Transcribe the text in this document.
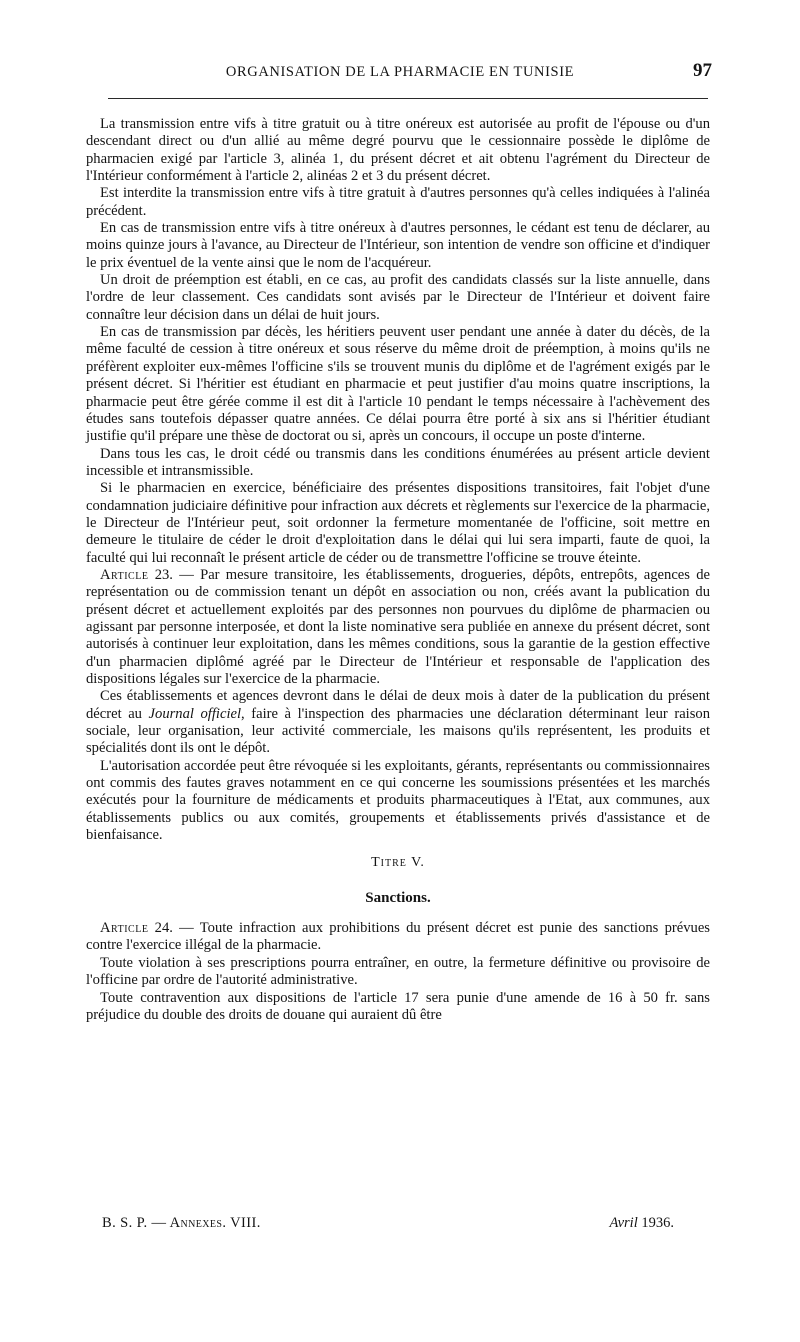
ORGANISATION DE LA PHARMACIE EN TUNISIE	97

La transmission entre vifs à titre gratuit ou à titre onéreux est autorisée au profit de l'épouse ou d'un descendant direct ou d'un allié au même degré pourvu que le cessionnaire possède le diplôme de pharmacien exigé par l'article 3, alinéa 1, du présent décret et ait obtenu l'agrément du Directeur de l'Intérieur conformément à l'article 2, alinéas 2 et 3 du présent décret.

Est interdite la transmission entre vifs à titre gratuit à d'autres personnes qu'à celles indiquées à l'alinéa précédent.

En cas de transmission entre vifs à titre onéreux à d'autres personnes, le cédant est tenu de déclarer, au moins quinze jours à l'avance, au Directeur de l'Intérieur, son intention de vendre son officine et d'indiquer le prix éventuel de la vente ainsi que le nom de l'acquéreur.

Un droit de préemption est établi, en ce cas, au profit des candidats classés sur la liste annuelle, dans l'ordre de leur classement. Ces candidats sont avisés par le Directeur de l'Intérieur et doivent faire connaître leur décision dans un délai de huit jours.

En cas de transmission par décès, les héritiers peuvent user pendant une année à dater du décès, de la même faculté de cession à titre onéreux et sous réserve du même droit de préemption, à moins qu'ils ne préfèrent exploiter eux-mêmes l'officine s'ils se trouvent munis du diplôme et de l'agrément exigés par le présent décret. Si l'héritier est étudiant en pharmacie et peut justifier d'au moins quatre inscriptions, la pharmacie peut être gérée comme il est dit à l'article 10 pendant le temps nécessaire à l'achèvement des études sans toutefois dépasser quatre années. Ce délai pourra être porté à six ans si l'héritier étudiant justifie qu'il prépare une thèse de doctorat ou si, après un concours, il occupe un poste d'interne.

Dans tous les cas, le droit cédé ou transmis dans les conditions énumérées au présent article devient incessible et intransmissible.

Si le pharmacien en exercice, bénéficiaire des présentes dispositions transitoires, fait l'objet d'une condamnation judiciaire définitive pour infraction aux décrets et règlements sur l'exercice de la pharmacie, le Directeur de l'Intérieur peut, soit ordonner la fermeture momentanée de l'officine, soit mettre en demeure le titulaire de céder le droit d'exploitation dans le délai qui lui sera imparti, faute de quoi, la faculté qui lui reconnaît le présent article de céder ou de transmettre l'officine se trouve éteinte.

Article 23. — Par mesure transitoire, les établissements, drogueries, dépôts, entrepôts, agences de représentation ou de commission tenant un dépôt en association ou non, créés avant la publication du présent décret et actuellement exploités par des personnes non pourvues du diplôme de pharmacien ou agissant par personne interposée, et dont la liste nominative sera publiée en annexe du présent décret, sont autorisés à continuer leur exploitation, dans les mêmes conditions, sous la garantie de la gestion effective d'un pharmacien diplômé agréé par le Directeur de l'Intérieur et responsable de l'application des dispositions légales sur l'exercice de la pharmacie.

Ces établissements et agences devront dans le délai de deux mois à dater de la publication du présent décret au Journal officiel, faire à l'inspection des pharmacies une déclaration déterminant leur raison sociale, leur organisation, leur activité commerciale, les maisons qu'ils représentent, les produits et spécialités dont ils ont le dépôt.

L'autorisation accordée peut être révoquée si les exploitants, gérants, représentants ou commissionnaires ont commis des fautes graves notamment en ce qui concerne les soumissions présentées et les marchés exécutés pour la fourniture de médicaments et produits pharmaceutiques à l'Etat, aux communes, aux établissements publics ou aux comités, groupements et établissements privés d'assistance et de bienfaisance.

Titre V.
Sanctions.

Article 24. — Toute infraction aux prohibitions du présent décret est punie des sanctions prévues contre l'exercice illégal de la pharmacie.

Toute violation à ses prescriptions pourra entraîner, en outre, la fermeture définitive ou provisoire de l'officine par ordre de l'autorité administrative.

Toute contravention aux dispositions de l'article 17 sera punie d'une amende de 16 à 50 fr. sans préjudice du double des droits de douane qui auraient dû être

B. S. P. — Annexes. VIII.	Avril 1936.
